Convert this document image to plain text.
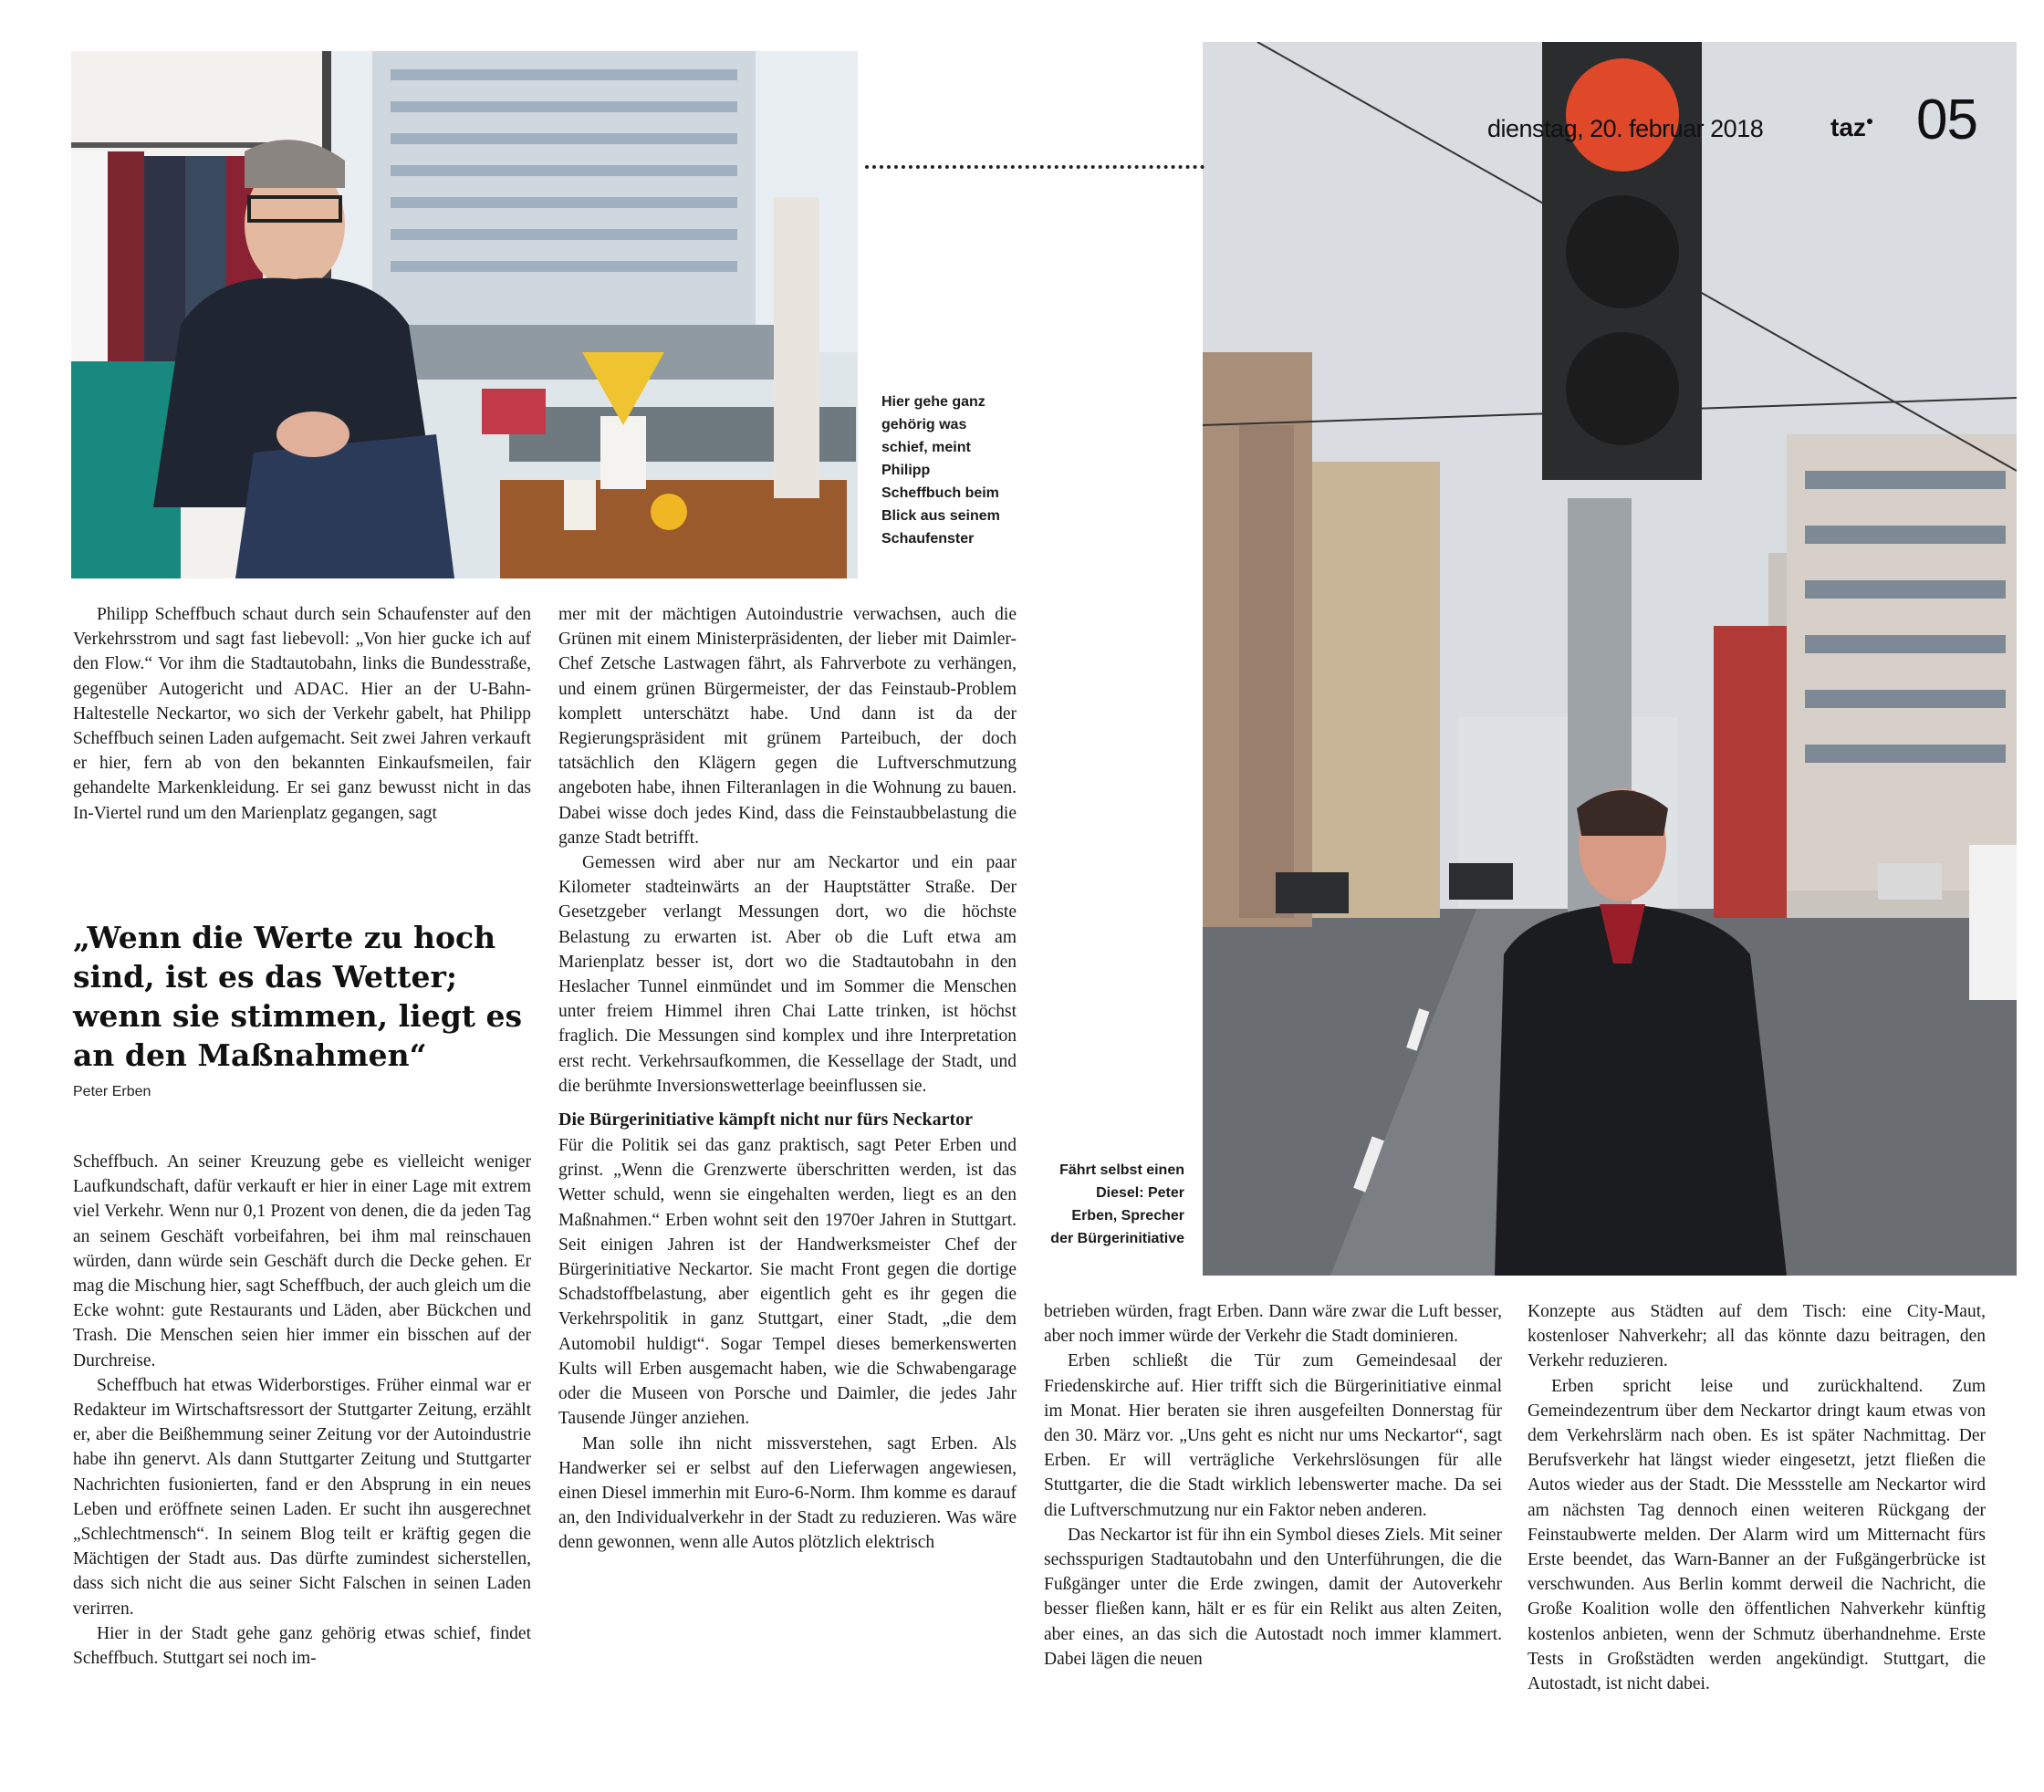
Hier gehe ganz gehörig was schief, meint Philipp Scheffbuch beim Blick aus seinem Schaufenster
Fährt selbst einen Diesel: Peter Erben, Sprecher der Bürgerinitiative
dienstag, 20. februar 2018	taz● 05

Philipp Scheffbuch schaut durch sein Schaufenster auf den Verkehrsstrom und sagt fast liebevoll: „Von hier gucke ich auf den Flow.“ Vor ihm die Stadtautobahn, links die Bundesstraße, gegenüber Autogericht und ADAC. Hier an der U-Bahn-Haltestelle Neckartor, wo sich der Verkehr gabelt, hat Philipp Scheffbuch seinen Laden aufgemacht. Seit zwei Jahren verkauft er hier, fern ab von den bekannten Einkaufsmeilen, fair gehandelte Markenkleidung. Er sei ganz bewusst nicht in das In-Viertel rund um den Marienplatz gegangen, sagt

„Wenn die Werte zu hoch sind, ist es das Wetter; wenn sie stimmen, liegt es an den Maßnahmen“
Peter Erben

Scheffbuch. An seiner Kreuzung gebe es vielleicht weniger Laufkundschaft, dafür verkauft er hier in einer Lage mit extrem viel Verkehr. Wenn nur 0,1 Prozent von denen, die da jeden Tag an seinem Geschäft vorbeifahren, bei ihm mal reinschauen würden, dann würde sein Geschäft durch die Decke gehen. Er mag die Mischung hier, sagt Scheffbuch, der auch gleich um die Ecke wohnt: gute Restaurants und Läden, aber Bückchen und Trash. Die Menschen seien hier immer ein bisschen auf der Durchreise.

Scheffbuch hat etwas Widerborstiges. Früher einmal war er Redakteur im Wirtschaftsressort der Stuttgarter Zeitung, erzählt er, aber die Beißhemmung seiner Zeitung vor der Autoindustrie habe ihn genervt. Als dann Stuttgarter Zeitung und Stuttgarter Nachrichten fusionierten, fand er den Absprung in ein neues Leben und eröffnete seinen Laden. Er sucht ihn ausgerechnet „Schlechtmensch“. In seinem Blog teilt er kräftig gegen die Mächtigen der Stadt aus. Das dürfte zumindest sicherstellen, dass sich nicht die aus seiner Sicht Falschen in seinen Laden verirren.

Hier in der Stadt gehe ganz gehörig etwas schief, findet Scheffbuch. Stuttgart sei noch im-

mer mit der mächtigen Autoindustrie verwachsen, auch die Grünen mit einem Ministerpräsidenten, der lieber mit Daimler-Chef Zetsche Lastwagen fährt, als Fahrverbote zu verhängen, und einem grünen Bürgermeister, der das Feinstaub-Problem komplett unterschätzt habe. Und dann ist da der Regierungspräsident mit grünem Parteibuch, der doch tatsächlich den Klägern gegen die Luftverschmutzung angeboten habe, ihnen Filteranlagen in die Wohnung zu bauen. Dabei wisse doch jedes Kind, dass die Feinstaubbelastung die ganze Stadt betrifft.

Gemessen wird aber nur am Neckartor und ein paar Kilometer stadteinwärts an der Hauptstätter Straße. Der Gesetzgeber verlangt Messungen dort, wo die höchste Belastung zu erwarten ist. Aber ob die Luft etwa am Marienplatz besser ist, dort wo die Stadtautobahn in den Heslacher Tunnel einmündet und im Sommer die Menschen unter freiem Himmel ihren Chai Latte trinken, ist höchst fraglich. Die Messungen sind komplex und ihre Interpretation erst recht. Verkehrsaufkommen, die Kessellage der Stadt, und die berühmte Inversionswetterlage beeinflussen sie.

Die Bürgerinitiative kämpft nicht nur fürs Neckartor

Für die Politik sei das ganz praktisch, sagt Peter Erben und grinst. „Wenn die Grenzwerte überschritten werden, ist das Wetter schuld, wenn sie eingehalten werden, liegt es an den Maßnahmen.“ Erben wohnt seit den 1970er Jahren in Stuttgart. Seit einigen Jahren ist der Handwerksmeister Chef der Bürgerinitiative Neckartor. Sie macht Front gegen die dortige Schadstoffbelastung, aber eigentlich geht es ihr gegen die Verkehrspolitik in ganz Stuttgart, einer Stadt, „die dem Automobil huldigt“. Sogar Tempel dieses bemerkenswerten Kults will Erben ausgemacht haben, wie die Schwabengarage oder die Museen von Porsche und Daimler, die jedes Jahr Tausende Jünger anziehen.

Man solle ihn nicht missverstehen, sagt Erben. Als Handwerker sei er selbst auf den Lieferwagen angewiesen, einen Diesel immerhin mit Euro-6-Norm. Ihm komme es darauf an, den Individualverkehr in der Stadt zu reduzieren. Was wäre denn gewonnen, wenn alle Autos plötzlich elektrisch

betrieben würden, fragt Erben. Dann wäre zwar die Luft besser, aber noch immer würde der Verkehr die Stadt dominieren.

Erben schließt die Tür zum Gemeindesaal der Friedenskirche auf. Hier trifft sich die Bürgerinitiative einmal im Monat. Hier beraten sie ihren ausgefeilten Donnerstag für den 30. März vor. „Uns geht es nicht nur ums Neckartor“, sagt Erben. Er will verträgliche Verkehrslösungen für alle Stuttgarter, die die Stadt wirklich lebenswerter mache. Da sei die Luftverschmutzung nur ein Faktor neben anderen.

Das Neckartor ist für ihn ein Symbol dieses Ziels. Mit seiner sechsspurigen Stadtautobahn und den Unterführungen, die die Fußgänger unter die Erde zwingen, damit der Autoverkehr besser fließen kann, hält er es für ein Relikt aus alten Zeiten, aber eines, an das sich die Autostadt noch immer klammert. Dabei lägen die neuen

Konzepte aus Städten auf dem Tisch: eine City-Maut, kostenloser Nahverkehr; all das könnte dazu beitragen, den Verkehr reduzieren.

Erben spricht leise und zurückhaltend. Zum Gemeindezentrum über dem Neckartor dringt kaum etwas von dem Verkehrslärm nach oben. Es ist später Nachmittag. Der Berufsverkehr hat längst wieder eingesetzt, jetzt fließen die Autos wieder aus der Stadt. Die Messstelle am Neckartor wird am nächsten Tag dennoch einen weiteren Rückgang der Feinstaubwerte melden. Der Alarm wird um Mitternacht fürs Erste beendet, das Warn-Banner an der Fußgängerbrücke ist verschwunden. Aus Berlin kommt derweil die Nachricht, die Große Koalition wolle den öffentlichen Nahverkehr künftig kostenlos anbieten, wenn der Schmutz überhandnehme. Erste Tests in Großstädten werden angekündigt. Stuttgart, die Autostadt, ist nicht dabei.
